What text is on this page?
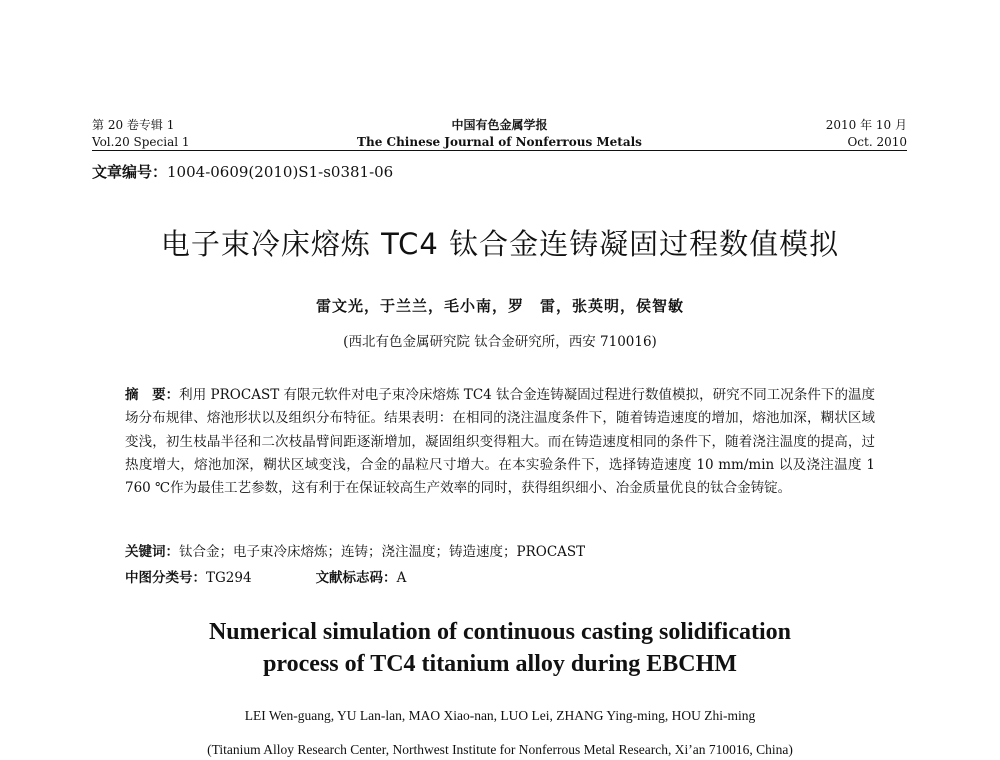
第 20 卷专辑 1	中国有色金属学报	2010 年 10 月
Vol.20 Special 1	The Chinese Journal of Nonferrous Metals	Oct. 2010
文章编号：1004-0609(2010)S1-s0381-06
电子束冷床熔炼 TC4 钛合金连铸凝固过程数值模拟
雷文光，于兰兰，毛小南，罗　雷，张英明，侯智敏
(西北有色金属研究院 钛合金研究所，西安 710016)
摘　要：利用 PROCAST 有限元软件对电子束冷床熔炼 TC4 钛合金连铸凝固过程进行数值模拟，研究不同工况条件下的温度场分布规律、熔池形状以及组织分布特征。结果表明：在相同的浇注温度条件下，随着铸造速度的增加，熔池加深，糊状区域变浅，初生枝晶半径和二次枝晶臂间距逐渐增加，凝固组织变得粗大。而在铸造速度相同的条件下，随着浇注温度的提高，过热度增大，熔池加深，糊状区域变浅，合金的晶粒尺寸增大。在本实验条件下，选择铸造速度 10 mm/min 以及浇注温度 1 760 ℃作为最佳工艺参数，这有利于在保证较高生产效率的同时，获得组织细小、冶金质量优良的钛合金铸锭。
关键词：钛合金；电子束冷床熔炼；连铸；浇注温度；铸造速度；PROCAST
中图分类号：TG294	文献标志码：A
Numerical simulation of continuous casting solidification
process of TC4 titanium alloy during EBCHM
LEI Wen-guang, YU Lan-lan, MAO Xiao-nan, LUO Lei, ZHANG Ying-ming, HOU Zhi-ming
(Titanium Alloy Research Center, Northwest Institute for Nonferrous Metal Research, Xi’an 710016, China)
